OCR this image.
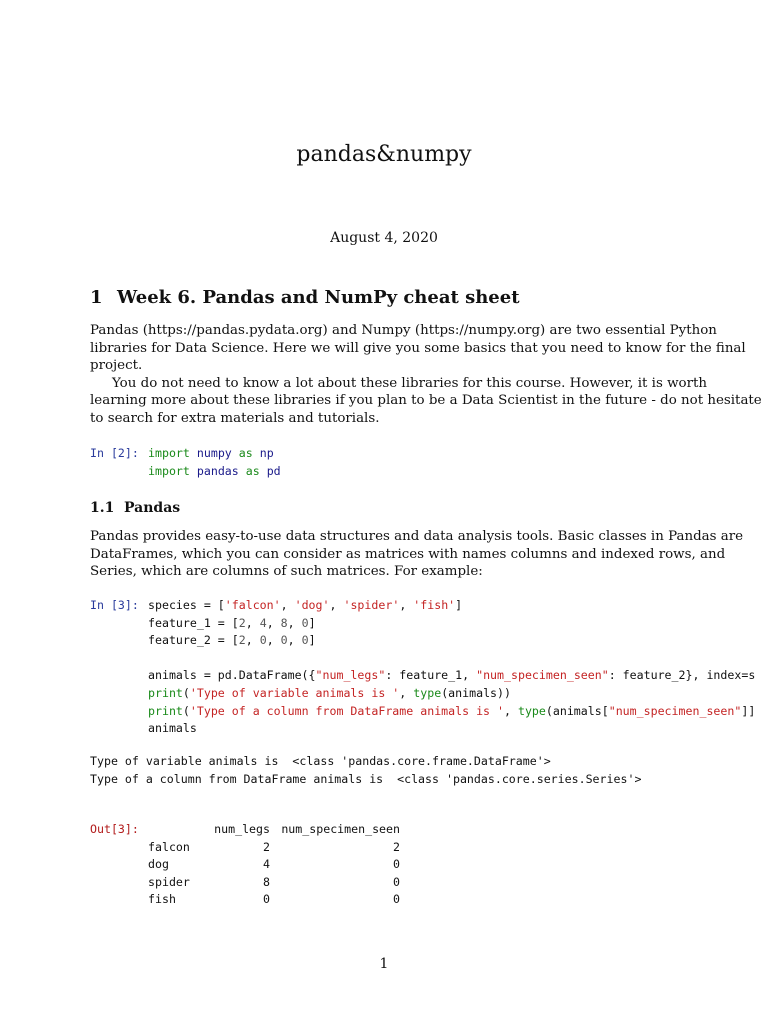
pandas&numpy
August 4, 2020
1 Week 6. Pandas and NumPy cheat sheet
Pandas (https://pandas.pydata.org) and Numpy (https://numpy.org) are two essential Python
libraries for Data Science. Here we will give you some basics that you need to know for the final
project.
You do not need to know a lot about these libraries for this course. However, it is worth
learning more about these libraries if you plan to be a Data Scientist in the future - do not hesitate
to search for extra materials and tutorials.
In [2]:
import numpy as np
import pandas as pd
1.1 Pandas
Pandas provides easy-to-use data structures and data analysis tools. Basic classes in Pandas are
DataFrames, which you can consider as matrices with names columns and indexed rows, and
Series, which are columns of such matrices. For example:
In [3]: species = ['falcon', 'dog', 'spider', 'fish']
feature_1 = [2, 4, 8, 0]
feature_2 = [2, 0, 0, 0]

animals = pd.DataFrame({"num_legs": feature_1, "num_specimen_seen": feature_2}, index=s
print('Type of variable animals is ', type(animals))
print('Type of a column from DataFrame animals is ', type(animals["num_specimen_seen"]]
animals
Type of variable animals is  <class 'pandas.core.frame.DataFrame'>
Type of a column from DataFrame animals is  <class 'pandas.core.series.Series'>
Out[3]:	num_legs num_specimen_seen
falcon	2	2
dog	4	0
spider	8	0
fish	0	0
1
